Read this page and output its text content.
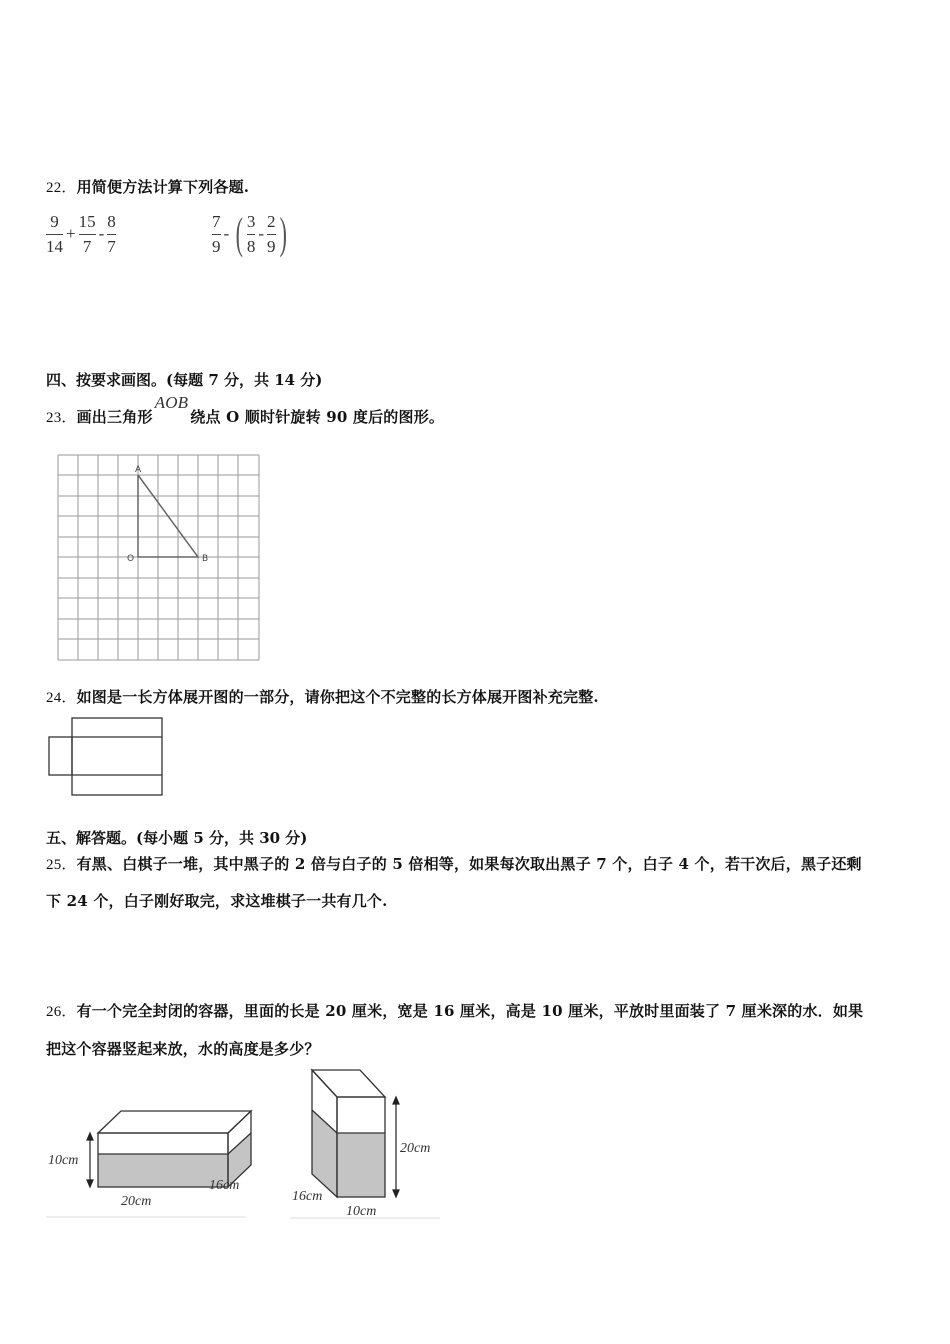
22．用简便方法计算下列各题.
$\frac{9}{14} + \frac{15}{7} - \frac{8}{7}$	$\frac{7}{9}$ - ( $\frac{3}{8} - \frac{2}{9}$ )
四、按要求画图。(每题 7 分，共 14 分)
23．画出三角形AOB绕点 O 顺时针旋转 90 度后的图形。
A
O	B
24．如图是一长方体展开图的一部分，请你把这个不完整的长方体展开图补充完整.
五、解答题。(每小题 5 分，共 30 分)
25．有黑、白棋子一堆，其中黑子的 2 倍与白子的 5 倍相等，如果每次取出黑子 7 个，白子 4 个，若干次后，黑子还剩
下 24 个，白子刚好取完，求这堆棋子一共有几个.
26．有一个完全封闭的容器，里面的长是 20 厘米，宽是 16 厘米，高是 10 厘米，平放时里面装了 7 厘米深的水．如果
把这个容器竖起来放，水的高度是多少？
10cm
20cm
16cm
20cm
16cm
10cm
